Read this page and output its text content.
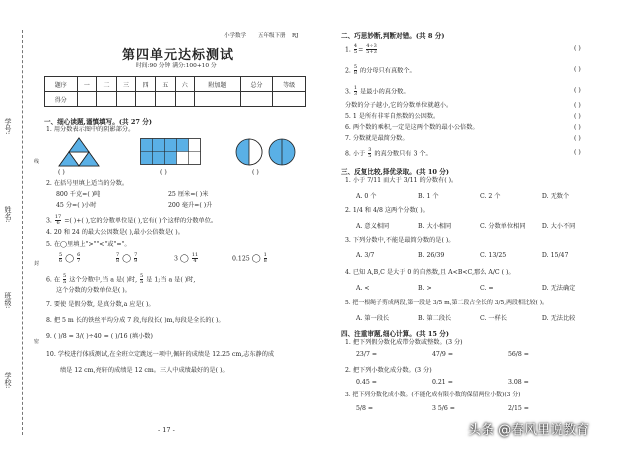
学号:
姓名:
班级:
学校:
线
封
密
小学数学 五年级下册 RJ
第四单元达标测试
时间:90 分钟 满分:100+10 分
题序	一	二	三	四	五	六	附加题	总分	等级
得分									
一、细心读题,谨慎填写。(共 27 分)
1. 用分数表示图中的阴影部分。
( )	( )	( )
2. 在括号里填上适当的分数。
800 千克=( )吨	25 厘米=( )米
45 分=( )小时	200 毫升=( )升
3. $\frac{17}{6}$ =( )+( ),它的分数单位是( ),它有( )个这样的分数单位。
4. 20 和 24 的最大公因数是( ),最小公倍数是( )。
5. 在◯里填上">""<"或"="。
$\frac{5}{6}$ ◯ $\frac{6}{7}$	$\frac{7}{8}$ ◯ $\frac{7}{9}$	3 ◯ $\frac{11}{4}$	0.125 ◯ $\frac{1}{8}$
6. 在 $\frac{5}{a}$ 这个分数中,当 a 是( )时, $\frac{5}{a}$ 是 1;当 a 是( )时,
这个分数的分数单位是( )。
7. 要使 是假分数, 是真分数,a 应是( )。
8. 把 5 m 长的铁丝平均分成 7 段,每段长( )m,每段是全长的( )。
9. ( )/8 = 3/( )÷40 = ( )/16 (填小数)
10. 学校进行体质测试,在全班立定跳远一项中,佩轩的成绩是 12.25 cm,志东静的成
绩是 12 cm,亮轩的成绩是 12 cm。三人中成绩最好的是( )。
- 17 -
二、巧思妙断,判断对错。(共 8 分)
1. $\frac{4}{5} = \frac{4\div 3}{5+3}$	( )
2. $\frac{5}{8}$ 的分母只有真数个。	( )
3. $\frac{1}{3}$ 是最小的真分数。	( )
分数的分子越小,它的分数单位就越小。	( )
5. 1 是所有非零自然数的公因数。	( )
6. 两个数的乘积,一定是这两个数的最小公倍数。	( )
7. 分数就是最简分数。	( )
8. 小于 $\frac{3}{5}$ 的真分数只有 3 个。	( )
三、反复比较,择优录取。(共 10 分)
1. 小于 7/11 而大于 3/11 的分数有( )。
A. 0 个	B. 1 个	C. 2 个	D. 无数个
2. 1/4 和 4/8 这两个分数( )。
A. 意义相同	B. 大小相同	C. 分数单位相同	D. 大小不同
3. 下列分数中,不能是最简分数的是( )。
A. 3/7	B. 26/39	C. 13/25	D. 15/47
4. 已知 A,B,C 是大于 0 的自然数,且 A<B<C,那么 A/C ( )。
A. <	B. >	C. =	D. 无法确定
5. 把一根绳子剪成两段,第一段是 3/5 m,第二段占全长的 3/5,两段相比较( )。
A. 第一段长	B. 第二段长	C. 一样长	D. 无法比较
四、注重审题,细心计算。(共 15 分)
1. 把下列假分数化成带分数或整数。(3 分)
23/7 =	47/9 =	56/8 =
2. 把下列小数化成分数。(3 分)
0.45 =	0.21 =	3.08 =
3. 把下列分数化成小数。(不能化成有限小数的保留两位小数)(3 分)
5/8 =	3 5/6 =	2/15 =
头条 @春风里说教育
